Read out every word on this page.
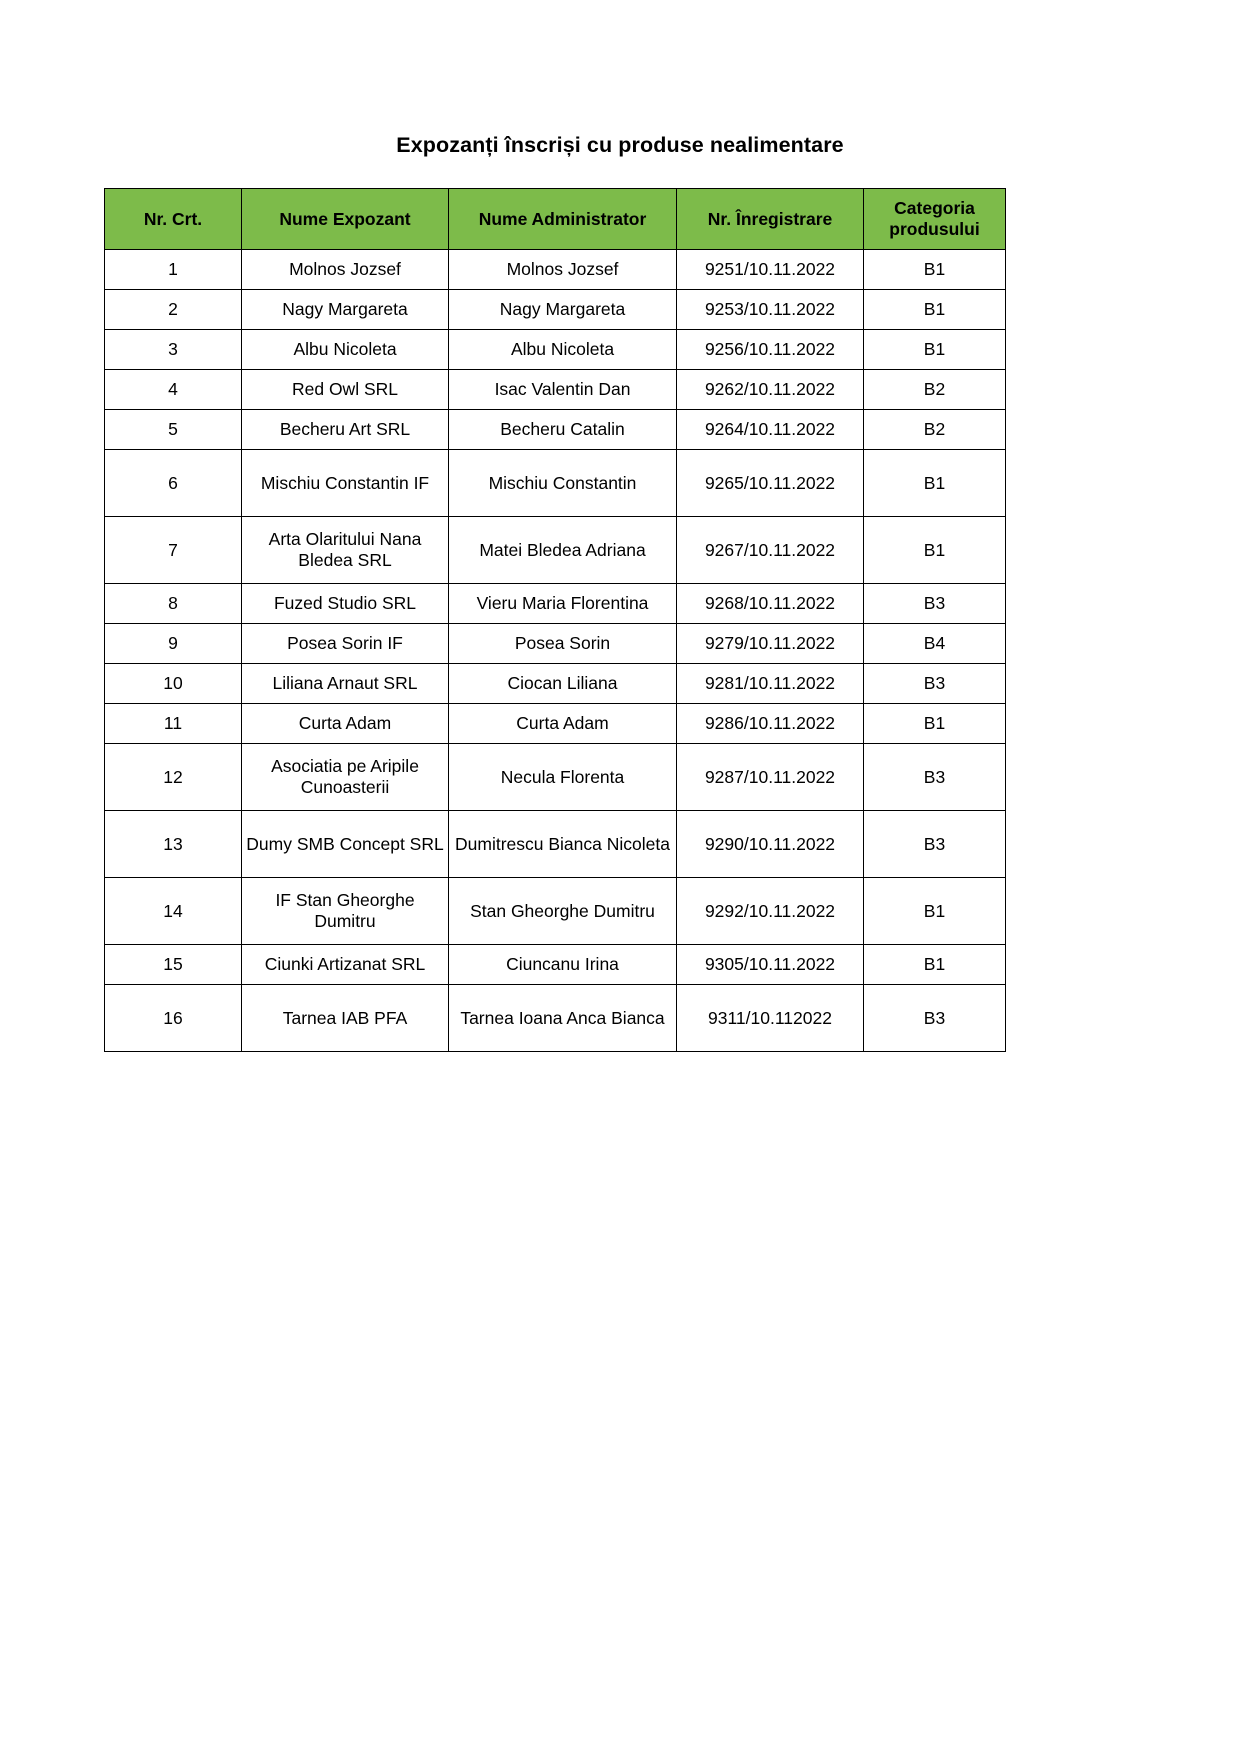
Expozanți înscriși cu produse nealimentare
Nr. Crt.	Nume Expozant	Nume Administrator	Nr. Înregistrare	Categoria produsului
1	Molnos Jozsef	Molnos Jozsef	9251/10.11.2022	B1
2	Nagy Margareta	Nagy Margareta	9253/10.11.2022	B1
3	Albu Nicoleta	Albu Nicoleta	9256/10.11.2022	B1
4	Red Owl SRL	Isac Valentin Dan	9262/10.11.2022	B2
5	Becheru Art SRL	Becheru Catalin	9264/10.11.2022	B2
6	Mischiu Constantin IF	Mischiu Constantin	9265/10.11.2022	B1
7	Arta Olaritului Nana Bledea SRL	Matei Bledea Adriana	9267/10.11.2022	B1
8	Fuzed Studio SRL	Vieru Maria Florentina	9268/10.11.2022	B3
9	Posea Sorin IF	Posea Sorin	9279/10.11.2022	B4
10	Liliana Arnaut SRL	Ciocan Liliana	9281/10.11.2022	B3
11	Curta Adam	Curta Adam	9286/10.11.2022	B1
12	Asociatia pe Aripile Cunoasterii	Necula Florenta	9287/10.11.2022	B3
13	Dumy SMB Concept SRL	Dumitrescu Bianca Nicoleta	9290/10.11.2022	B3
14	IF Stan Gheorghe Dumitru	Stan Gheorghe Dumitru	9292/10.11.2022	B1
15	Ciunki Artizanat SRL	Ciuncanu Irina	9305/10.11.2022	B1
16	Tarnea IAB PFA	Tarnea Ioana Anca Bianca	9311/10.112022	B3
